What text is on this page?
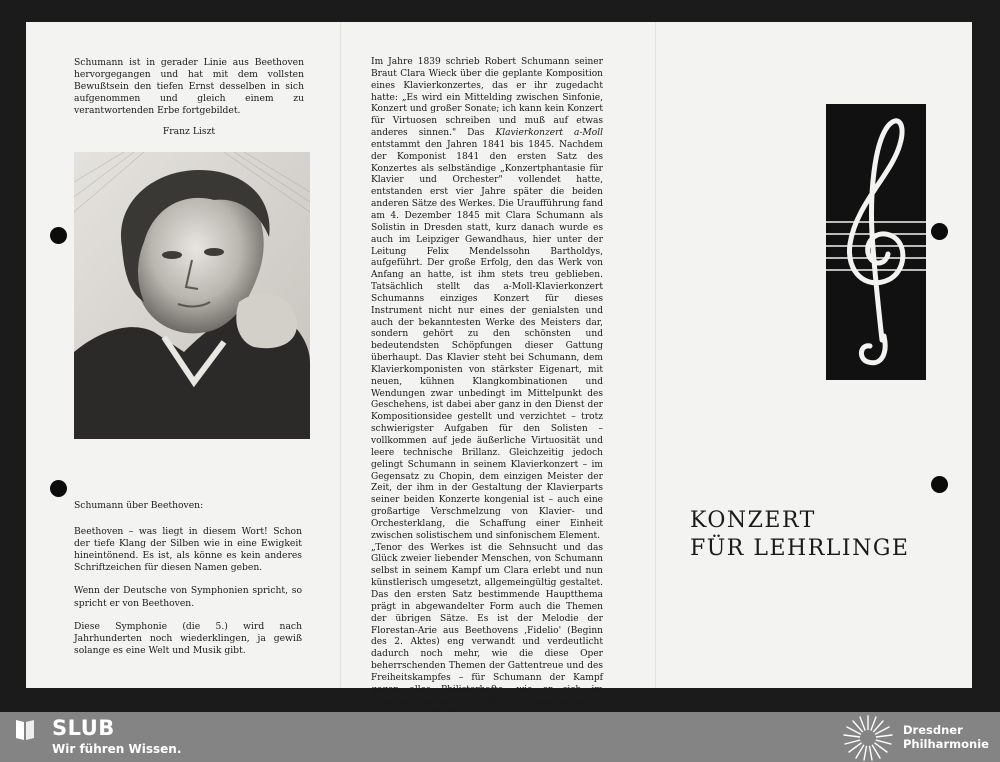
Schumann ist in gerader Linie aus Beethoven hervorgegangen und hat mit dem vollsten Bewußtsein den tiefen Ernst desselben in sich aufgenommen und gleich einem zu verantwortenden Erbe fortgebildet.

Franz Liszt

Schumann über Beethoven:

Beethoven – was liegt in diesem Wort! Schon der tiefe Klang der Silben wie in eine Ewigkeit hineintönend. Es ist, als könne es kein anderes Schriftzeichen für diesen Namen geben.

Wenn der Deutsche von Symphonien spricht, so spricht er von Beethoven.

Diese Symphonie (die 5.) wird nach Jahrhunderten noch wiederklingen, ja gewiß solange es eine Welt und Musik gibt.

Im Jahre 1839 schrieb Robert Schumann seiner Braut Clara Wieck über die geplante Komposition eines Klavierkonzertes, das er ihr zugedacht hatte: „Es wird ein Mittelding zwischen Sinfonie, Konzert und großer Sonate; ich kann kein Konzert für Virtuosen schreiben und muß auf etwas anderes sinnen." Das Klavierkonzert a-Moll entstammt den Jahren 1841 bis 1845. Nachdem der Komponist 1841 den ersten Satz des Konzertes als selbständige „Konzertphantasie für Klavier und Orchester" vollendet hatte, entstanden erst vier Jahre später die beiden anderen Sätze des Werkes. Die Uraufführung fand am 4. Dezember 1845 mit Clara Schumann als Solistin in Dresden statt, kurz danach wurde es auch im Leipziger Gewandhaus, hier unter der Leitung Felix Mendelssohn Bartholdys, aufgeführt. Der große Erfolg, den das Werk von Anfang an hatte, ist ihm stets treu geblieben. Tatsächlich stellt das a-Moll-Klavierkonzert Schumanns einziges Konzert für dieses Instrument nicht nur eines der genialsten und auch der bekanntesten Werke des Meisters dar, sondern gehört zu den schönsten und bedeutendsten Schöpfungen dieser Gattung überhaupt. Das Klavier steht bei Schumann, dem Klavierkomponisten von stärkster Eigenart, mit neuen, kühnen Klangkombinationen und Wendungen zwar unbedingt im Mittelpunkt des Geschehens, ist dabei aber ganz in den Dienst der Kompositionsidee gestellt und verzichtet – trotz schwierigster Aufgaben für den Solisten – vollkommen auf jede äußerliche Virtuosität und leere technische Brillanz. Gleichzeitig jedoch gelingt Schumann in seinem Klavierkonzert – im Gegensatz zu Chopin, dem einzigen Meister der Zeit, der ihm in der Gestaltung der Klavierparts seiner beiden Konzerte kongenial ist – auch eine großartige Verschmelzung von Klavier- und Orchesterklang, die Schaffung einer Einheit zwischen solistischem und sinfonischem Element.

„Tenor des Werkes ist die Sehnsucht und das Glück zweier liebender Menschen, von Schumann selbst in seinem Kampf um Clara erlebt und nun künstlerisch umgesetzt, allgemeingültig gestaltet. Das den ersten Satz bestimmende Hauptthema prägt in abgewandelter Form auch die Themen der übrigen Sätze. Es ist der Melodie der Florestan-Arie aus Beethovens ‚Fidelio' (Beginn des 2. Aktes) eng verwandt und verdeutlicht dadurch noch mehr, wie die diese Oper beherrschenden Themen der Gattentreue und des Freiheitskampfes – für Schumann der Kampf gegen alles Philisterhafte, wie er sich im Programm seiner ‚Davidsbündler' manifestierte –

KONZERT
FÜR LEHRLINGE
SLUB
Wir führen Wissen.
Dresdner
Philharmonie
